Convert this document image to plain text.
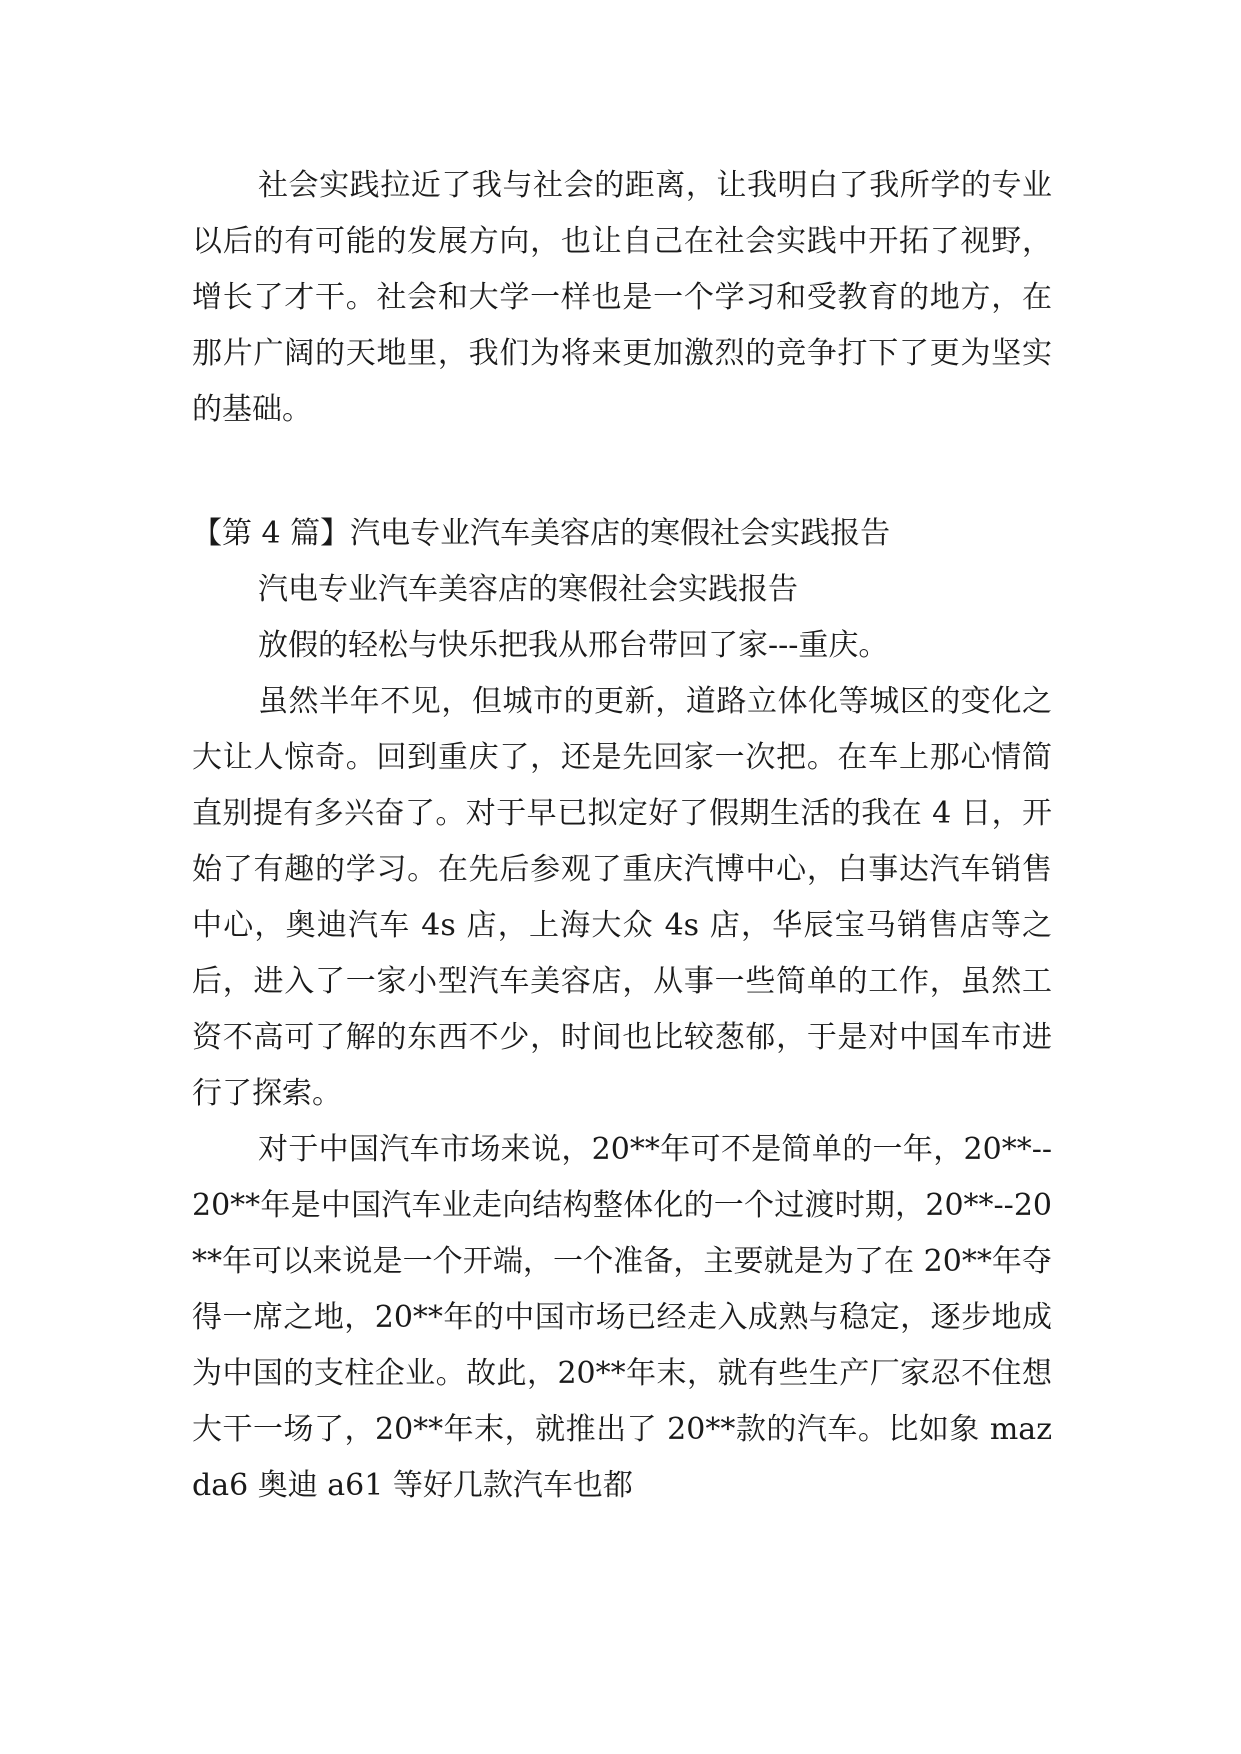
社会实践拉近了我与社会的距离，让我明白了我所学的专业以后的有可能的发展方向，也让自己在社会实践中开拓了视野，增长了才干。社会和大学一样也是一个学习和受教育的地方，在那片广阔的天地里，我们为将来更加激烈的竞争打下了更为坚实的基础。

【第 4 篇】汽电专业汽车美容店的寒假社会实践报告

汽电专业汽车美容店的寒假社会实践报告

放假的轻松与快乐把我从邢台带回了家---重庆。

虽然半年不见，但城市的更新，道路立体化等城区的变化之大让人惊奇。回到重庆了，还是先回家一次把。在车上那心情简直别提有多兴奋了。对于早已拟定好了假期生活的我在 4 日，开始了有趣的学习。在先后参观了重庆汽博中心，白事达汽车销售中心，奥迪汽车 4s 店，上海大众 4s 店，华辰宝马销售店等之后，进入了一家小型汽车美容店，从事一些简单的工作，虽然工资不高可了解的东西不少，时间也比较葱郁，于是对中国车市进行了探索。

对于中国汽车市场来说，20**年可不是简单的一年，20**--20**年是中国汽车业走向结构整体化的一个过渡时期，20**--20**年可以来说是一个开端，一个准备，主要就是为了在 20**年夺得一席之地，20**年的中国市场已经走入成熟与稳定，逐步地成为中国的支柱企业。故此，20**年末，就有些生产厂家忍不住想大干一场了，20**年末，就推出了 20**款的汽车。比如象 mazda6 奥迪 a61 等好几款汽车也都
